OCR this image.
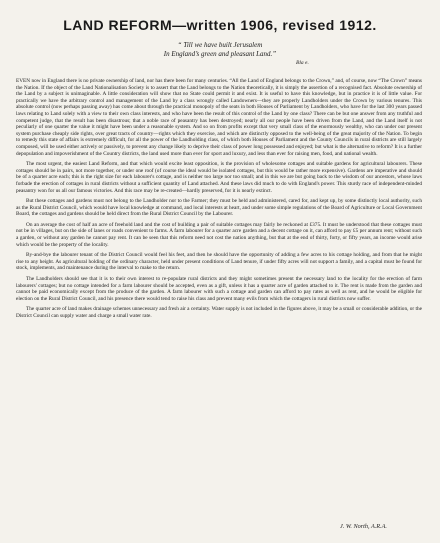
LAND REFORM—written 1906, revised 1912.
“ Till we have built Jerusalem
In England’s green and pleasant Land.”
Bla e.

EVEN now in England there is no private ownership of land, nor has there been for many centuries. “All the Land of England belongs to the Crown,” and, of course, now “The Crown” means the Nation. If the object of the Land Nationalisation Society is to assert that the Land belongs to the Nation theoretically, it is simply the assertion of a recognised fact. Absolute ownership of the Land by a subject is unimaginable. A little consideration will show that no State could permit it and exist. It is useful to have this knowledge, but in practice it is of little value. For practically we have the arbitrary control and management of the Land by a class wrongly called Landowners—they are properly Landholders under the Crown by various tenures. This absolute control (now perhaps passing away) has come about through the practical monopoly of the seats in both Houses of Parliament by Landholders, who have for the last 300 years passed laws relating to Land solely with a view to their own class interests, and who have been the result of this control of the Land by one class? There can be but one answer from any truthful and competent judge, that the result has been disastrous; that a noble race of peasantry has been destroyed; nearly all our people have been driven from the Land, and the Land itself is not peculiarly of one quarter the value it might have been under a reasonable system. And so on from profits except that very small class of the enormously wealthy, who can under our present system purchase cheaply side rights, over great tracts of country—rights which they exercise, and which are distinctly opposed to the well-being of the great majority of the Nation. To begin to remedy this state of affairs is extremely difficult, for all the power of the Landholding class, of which both Houses of Parliament and the County Councils in rural districts are still largely composed, will be used either actively or passively, to prevent any change likely to deprive their class of power long possessed and enjoyed; but what is the alternative to reform? It is a further depopulation and impoverishment of the Country districts, the land used more than ever for sport and luxury, and less than ever for raising men, food, and national wealth.

The most urgent, the easiest Land Reform, and that which would excite least opposition, is the provision of wholesome cottages and suitable gardens for agricultural labourers. These cottages should be in pairs, not more together, or under one roof (of course the ideal would be isolated cottages, but this would be rather more expensive). Gardens are imperative and should be of a quarter acre each; this is the right size for each labourer's cottage, and is neither too large nor too small; and in this we are but going back to the wisdom of our ancestors, whose laws forbade the erection of cottages in rural districts without a sufficient quantity of Land attached. And these laws did much to do with England's power. This sturdy race of independent-minded peasantry won for us all our famous victories. And this race may be re-created—hardly preserved, for it is nearly extinct.

But these cottages and gardens must not belong to the Landholder nor to the Farmer; they must be held and administered, cared for, and kept up, by some distinctly local authority, such as the Rural District Council, which would have local knowledge at command, and local interests at heart, and under some simple regulations of the Board of Agriculture or Local Government Board, the cottages and gardens should be held direct from the Rural District Council by the Labourer.

On an average the cost of half an acre of freehold land and the cost of building a pair of suitable cottages may fairly be reckoned at £375. It must be understood that these cottages must not be in villages, but on the side of lanes or roads convenient to farms. A farm labourer for a quarter acre garden and a decent cottage on it, can afford to pay £5 per annum rent; without such a garden, or without any garden he cannot pay rent. It can be seen that this reform need not cost the nation anything, but that at the end of thirty, forty, or fifty years, an income would arise which would be the property of the locality.

By-and-bye the labourer tenant of the District Council would feel his feet, and then he should have the opportunity of adding a few acres to his cottage holding, and from that he might rise to any height. As agricultural holding of the ordinary character, held under present conditions of Land tenure, if under fifty acres will not support a family, and a capital must be found for stock, implements, and maintenance during the interval to make to the return.

The Landholders should see that it is to their own interest to re-populate rural districts and they might sometimes present the necessary land to the locality for the erection of farm labourers' cottages; but no cottage intended for a farm labourer should be accepted, even as a gift, unless it has a quarter acre of garden attached to it. The rent is made from the garden and cannot be paid economically except from the produce of the garden. A farm labourer with such a cottage and garden can afford to pay rates as well as rent, and he would be eligible for election on the Rural District Council, and his presence there would tend to raise his class and prevent many evils from which the cottagers in rural districts now suffer.

The quarter acre of land makes drainage schemes unnecessary and fresh air a certainty. Water supply is not included in the figures above, it may be a small or considerable addition, or the District Council can supply water and charge a small water rate.

J. W. North, A.R.A.
